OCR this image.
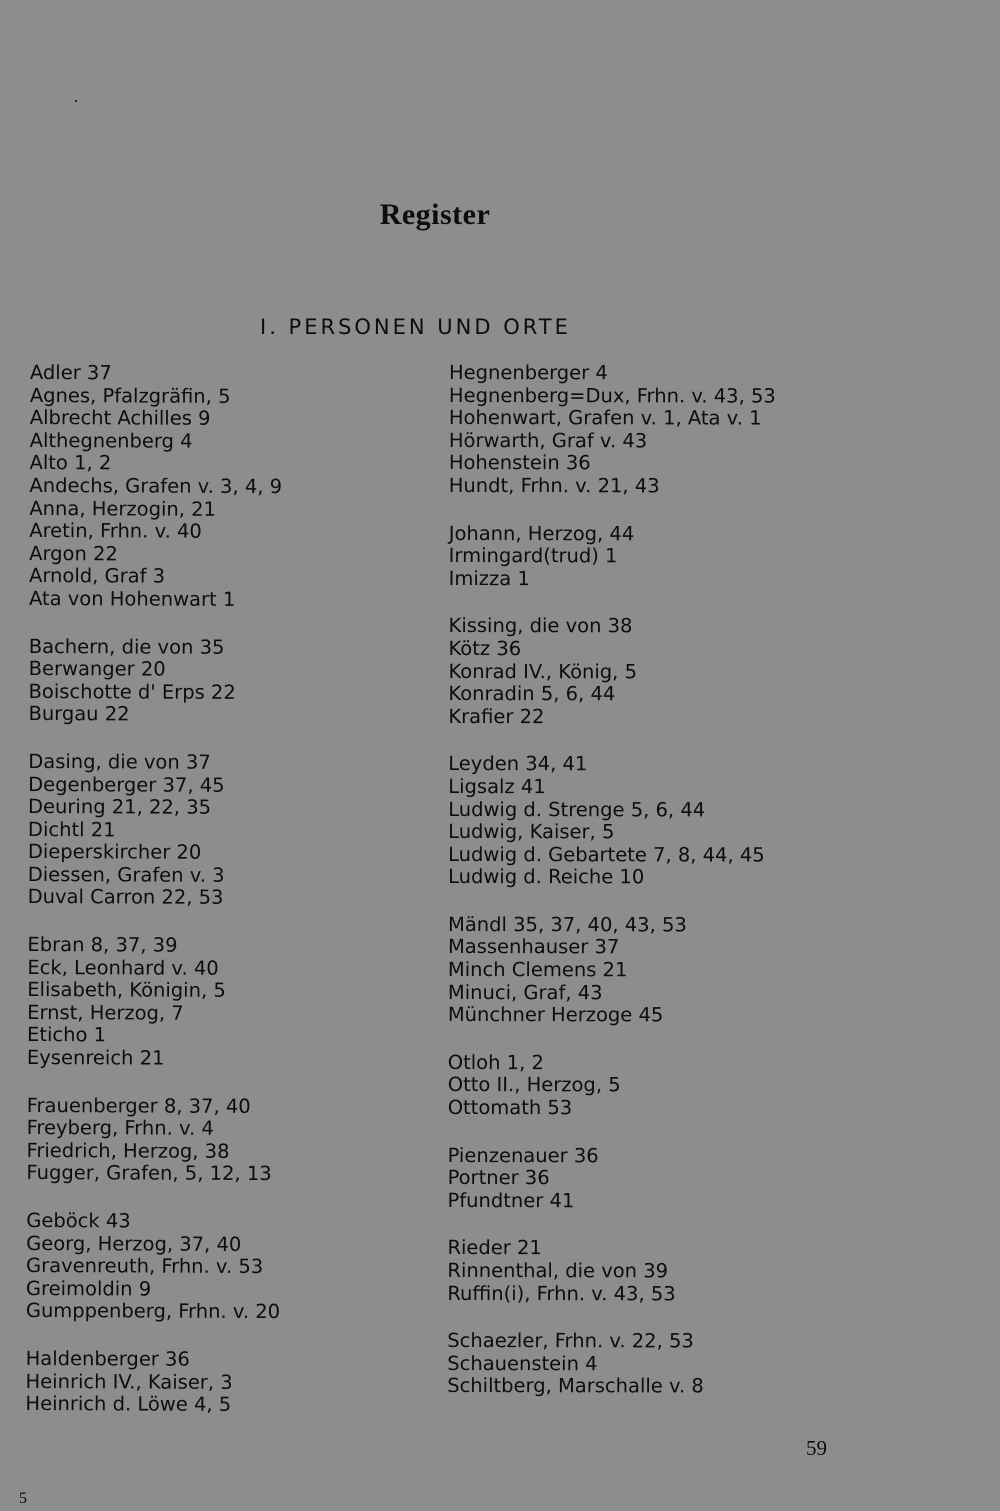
Register
I. PERSONEN UND ORTE
Adler 37
Agnes, Pfalzgräfin, 5
Albrecht Achilles 9
Althegnenberg 4
Alto 1, 2
Andechs, Grafen v. 3, 4, 9
Anna, Herzogin, 21
Aretin, Frhn. v. 40
Argon 22
Arnold, Graf 3
Ata von Hohenwart 1
Bachern, die von 35
Berwanger 20
Boischotte d' Erps 22
Burgau 22
Dasing, die von 37
Degenberger 37, 45
Deuring 21, 22, 35
Dichtl 21
Dieperskircher 20
Diessen, Grafen v. 3
Duval Carron 22, 53
Ebran 8, 37, 39
Eck, Leonhard v. 40
Elisabeth, Königin, 5
Ernst, Herzog, 7
Eticho 1
Eysenreich 21
Frauenberger 8, 37, 40
Freyberg, Frhn. v. 4
Friedrich, Herzog, 38
Fugger, Grafen, 5, 12, 13
Geböck 43
Georg, Herzog, 37, 40
Gravenreuth, Frhn. v. 53
Greimoldin 9
Gumppenberg, Frhn. v. 20
Haldenberger 36
Heinrich IV., Kaiser, 3
Heinrich d. Löwe 4, 5
Hegnenberger 4
Hegnenberg=Dux, Frhn. v. 43, 53
Hohenwart, Grafen v. 1, Ata v. 1
Hörwarth, Graf v. 43
Hohenstein 36
Hundt, Frhn. v. 21, 43
Johann, Herzog, 44
Irmingard(trud) 1
Imizza 1
Kissing, die von 38
Kötz 36
Konrad IV., König, 5
Konradin 5, 6, 44
Krafier 22
Leyden 34, 41
Ligsalz 41
Ludwig d. Strenge 5, 6, 44
Ludwig, Kaiser, 5
Ludwig d. Gebartete 7, 8, 44, 45
Ludwig d. Reiche 10
Mändl 35, 37, 40, 43, 53
Massenhauser 37
Minch Clemens 21
Minuci, Graf, 43
Münchner Herzoge 45
Otloh 1, 2
Otto II., Herzog, 5
Ottomath 53
Pienzenauer 36
Portner 36
Pfundtner 41
Rieder 21
Rinnenthal, die von 39
Ruffin(i), Frhn. v. 43, 53
Schaezler, Frhn. v. 22, 53
Schauenstein 4
Schiltberg, Marschalle v. 8
59
5
